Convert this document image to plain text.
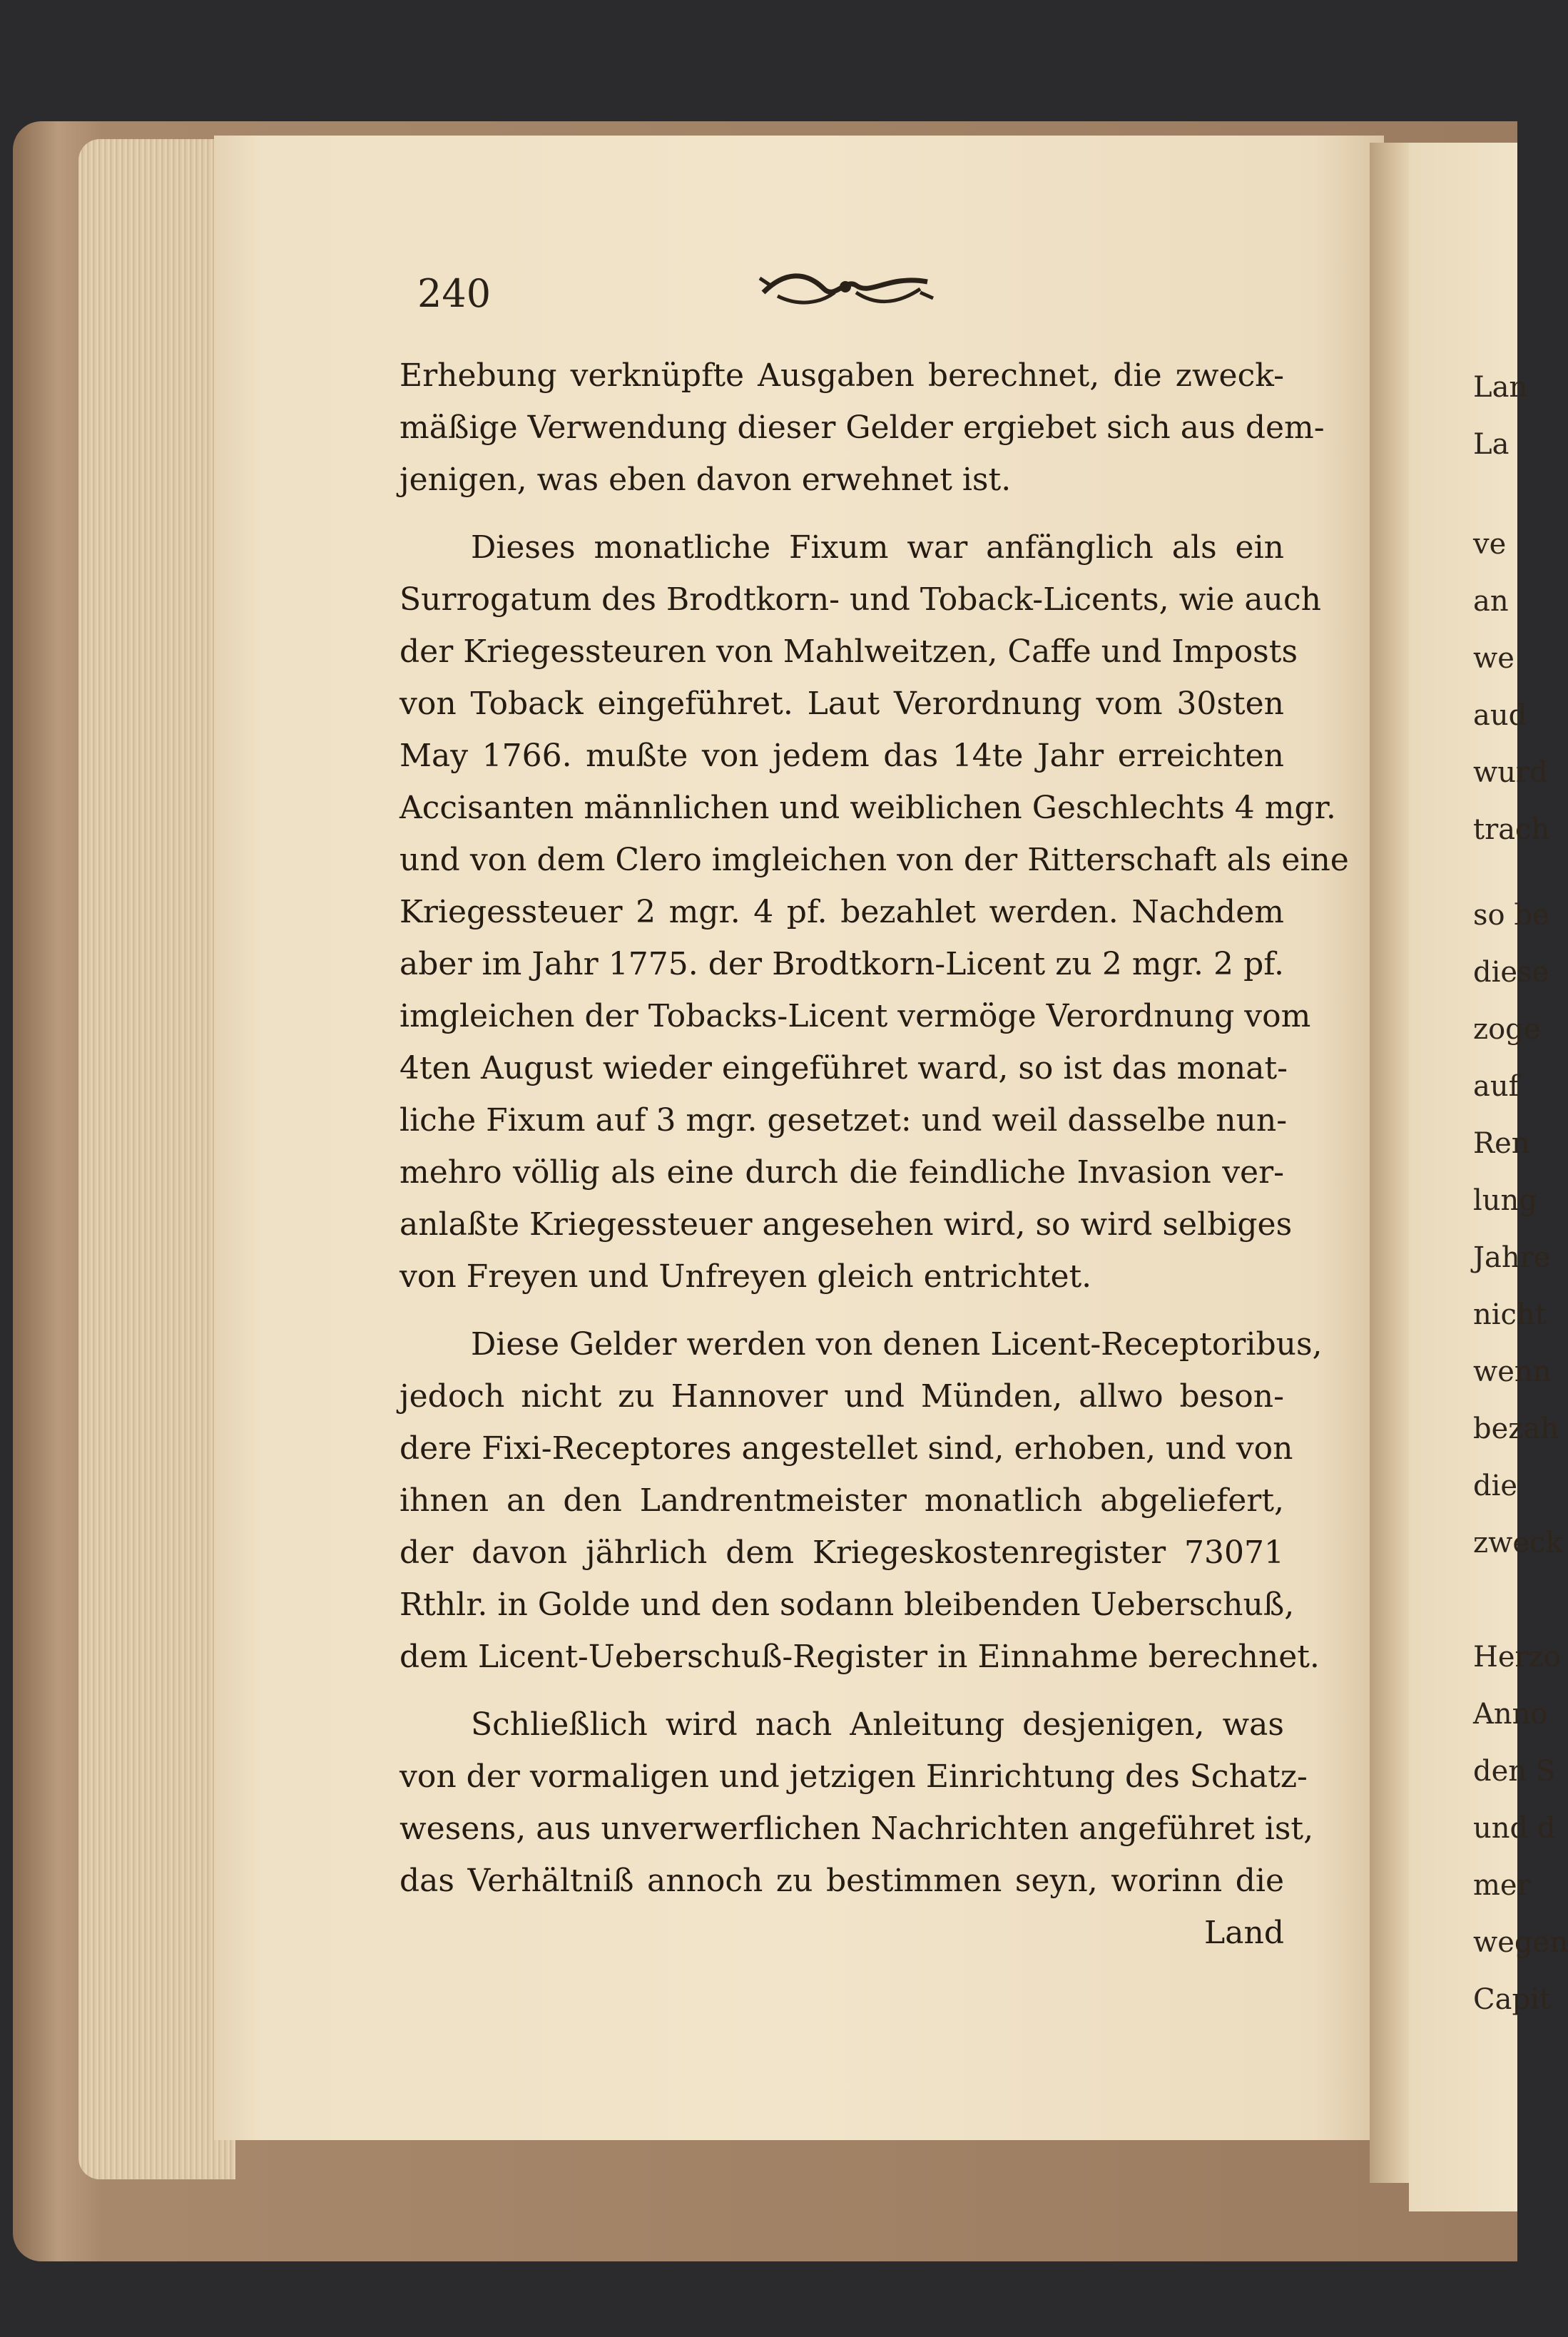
Lan
La
ve
an
we
aud
wurd
trach
so be
diese
zoge
auf
Ren
lung
Jahre
nicht
wenn
bezah
die
zweck
Herzo
Anno
den S
und d
mer
wegen
Capit
240
Erhebung verknüpfte Ausgaben berechnet, die zweck-
mäßige Verwendung dieser Gelder ergiebet sich aus dem-
jenigen, was eben davon erwehnet ist.
Dieses monatliche Fixum war anfänglich als ein
Surrogatum des Brodtkorn- und Toback-Licents, wie auch
der Kriegessteuren von Mahlweitzen, Caffe und Imposts
von Toback eingeführet. Laut Verordnung vom 30sten
May 1766. mußte von jedem das 14te Jahr erreichten
Accisanten männlichen und weiblichen Geschlechts 4 mgr.
und von dem Clero imgleichen von der Ritterschaft als eine
Kriegessteuer 2 mgr. 4 pf. bezahlet werden. Nachdem
aber im Jahr 1775. der Brodtkorn-Licent zu 2 mgr. 2 pf.
imgleichen der Tobacks-Licent vermöge Verordnung vom
4ten August wieder eingeführet ward, so ist das monat-
liche Fixum auf 3 mgr. gesetzet: und weil dasselbe nun-
mehro völlig als eine durch die feindliche Invasion ver-
anlaßte Kriegessteuer angesehen wird, so wird selbiges
von Freyen und Unfreyen gleich entrichtet.
Diese Gelder werden von denen Licent-Receptoribus,
jedoch nicht zu Hannover und Münden, allwo beson-
dere Fixi-Receptores angestellet sind, erhoben, und von
ihnen an den Landrentmeister monatlich abgeliefert,
der davon jährlich dem Kriegeskostenregister 73071
Rthlr. in Golde und den sodann bleibenden Ueberschuß,
dem Licent-Ueberschuß-Register in Einnahme berechnet.
Schließlich wird nach Anleitung desjenigen, was
von der vormaligen und jetzigen Einrichtung des Schatz-
wesens, aus unverwerflichen Nachrichten angeführet ist,
das Verhältniß annoch zu bestimmen seyn, worinn die
Land
